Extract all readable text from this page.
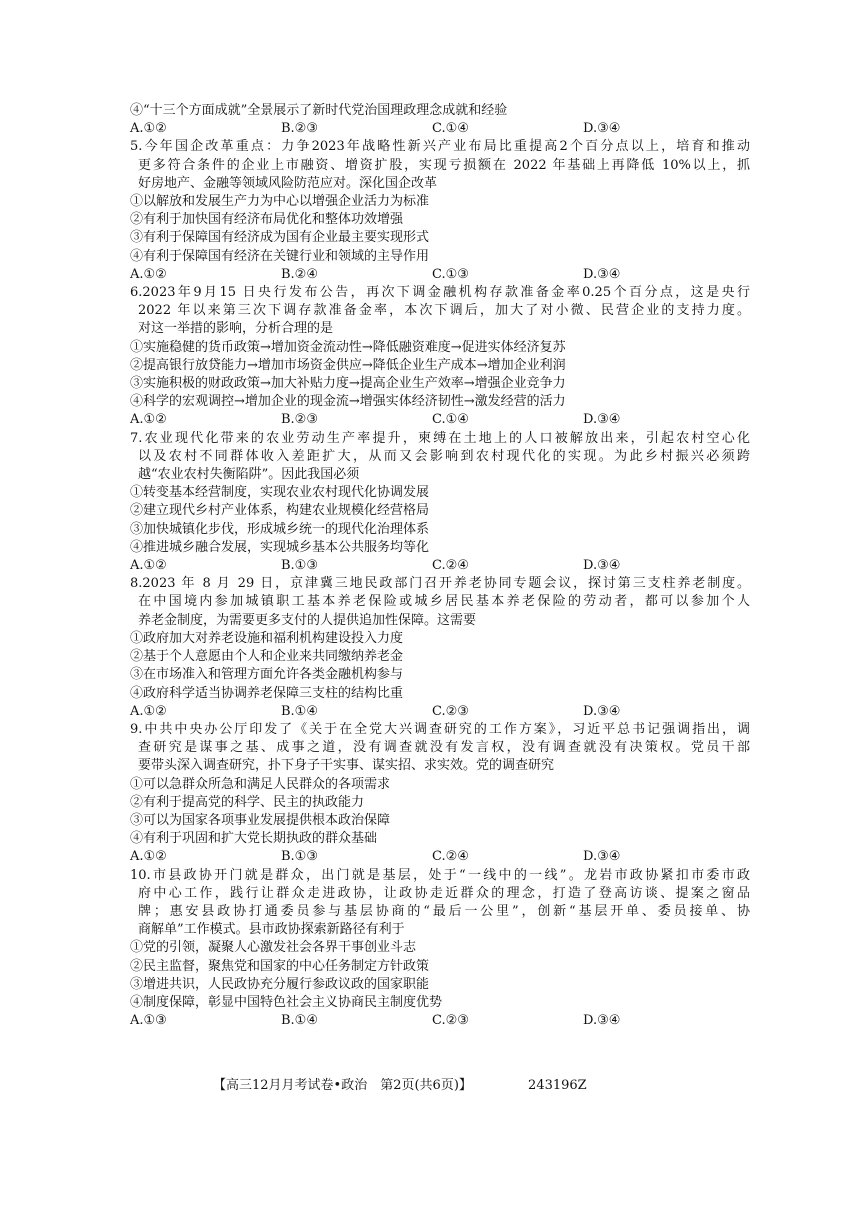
④“十三个方面成就”全景展示了新时代党治国理政理念成就和经验
A.①②	B.②③	C.①④	D.③④
5.今年国企改革重点：力争2023年战略性新兴产业布局比重提高2个百分点以上，培育和推动
更多符合条件的企业上市融资、增资扩股，实现亏损额在 2022 年基础上再降低 10%以上，抓
好房地产、金融等领域风险防范应对。深化国企改革
①以解放和发展生产力为中心以增强企业活力为标准
②有利于加快国有经济布局优化和整体功效增强
③有利于保障国有经济成为国有企业最主要实现形式
④有利于保障国有经济在关键行业和领域的主导作用
A.①②	B.②④	C.①③	D.③④
6.2023年9月15 日央行发布公告，再次下调金融机构存款准备金率0.25个百分点，这是央行
2022 年以来第三次下调存款准备金率，本次下调后，加大了对小微、民营企业的支持力度。
对这一举措的影响，分析合理的是
①实施稳健的货币政策→增加资金流动性→降低融资难度→促进实体经济复苏
②提高银行放贷能力→增加市场资金供应→降低企业生产成本→增加企业利润
③实施积极的财政政策→加大补贴力度→提高企业生产效率→增强企业竞争力
④科学的宏观调控→增加企业的现金流→增强实体经济韧性→激发经营的活力
A.①②	B.②③	C.①④	D.③④
7.农业现代化带来的农业劳动生产率提升，柬缚在土地上的人口被解放出来，引起农村空心化
以及农村不同群体收入差距扩大，从而又会影响到农村现代化的实现。为此乡村振兴必须跨
越“农业农村失衡陷阱”。因此我国必须
①转变基本经营制度，实现农业农村现代化协调发展
②建立现代乡村产业体系，构建农业规模化经营格局
③加快城镇化步伐，形成城乡统一的现代化治理体系
④推进城乡融合发展，实现城乡基本公共服务均等化
A.①②	B.①③	C.②④	D.③④
8.2023 年 8 月 29 日，京津冀三地民政部门召开养老协同专题会议，探讨第三支柱养老制度。
在中国境内参加城镇职工基本养老保险或城乡居民基本养老保险的劳动者，都可以参加个人
养老金制度，为需要更多支付的人提供追加性保障。这需要
①政府加大对养老设施和福利机构建设投入力度
②基于个人意愿由个人和企业来共同缴纳养老金
③在市场准入和管理方面允许各类金融机构参与
④政府科学适当协调养老保障三支柱的结构比重
A.①②	B.①④	C.②③	D.③④
9.中共中央办公厅印发了《关于在全党大兴调查研究的工作方案》，习近平总书记强调指出，调
查研究是谋事之基、成事之道，没有调查就没有发言权，没有调查就没有决策权。党员干部
要带头深入调查研究，扑下身子干实事、谋实招、求实效。党的调查研究
①可以急群众所急和满足人民群众的各项需求
②有利于提高党的科学、民主的执政能力
③可以为国家各项事业发展提供根本政治保障
④有利于巩固和扩大党长期执政的群众基础
A.①②	B.①③	C.②④	D.③④
10.市县政协开门就是群众，出门就是基层，处于“一线中的一线”。龙岩市政协紧扣市委市政
府中心工作，践行让群众走进政协，让政协走近群众的理念，打造了登高访谈、提案之窗品
牌；惠安县政协打通委员参与基层协商的“最后一公里”，创新“基层开单、委员接单、协
商解单”工作模式。县市政协探索新路径有利于
①党的引领，凝聚人心激发社会各界干事创业斗志
②民主监督，聚焦党和国家的中心任务制定方针政策
③增进共识，人民政协充分履行参政议政的国家职能
④制度保障，彰显中国特色社会主义协商民主制度优势
A.①③	B.①④	C.②③	D.③④
【高三12月月考试卷•政治　第2页(共6页)】	243196Z
